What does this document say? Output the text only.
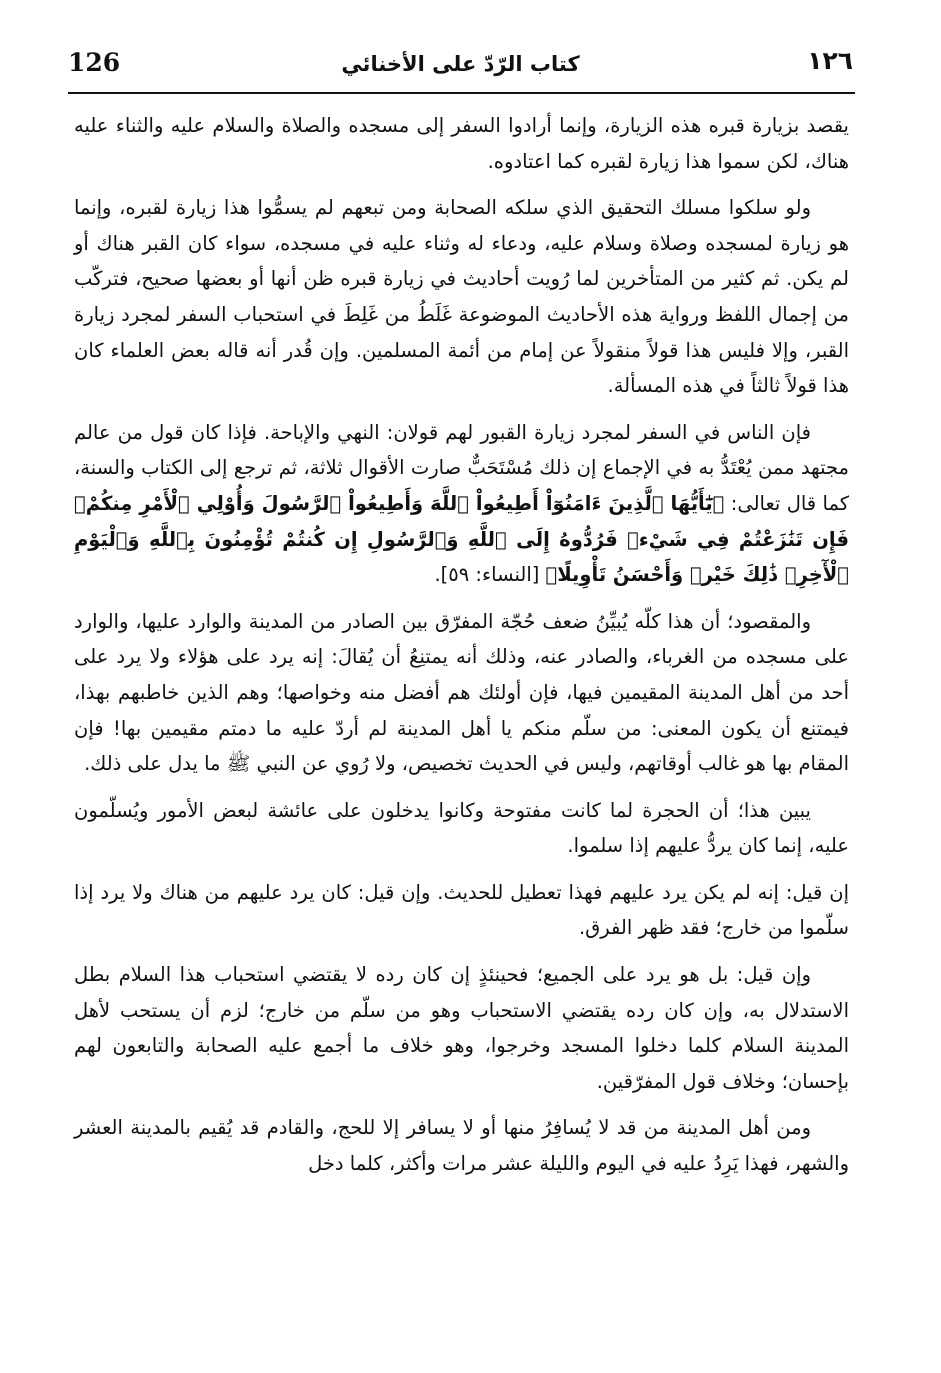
126	كتاب الرّدّ على الأخنائي	١٢٦

يقصد بزيارة قبره هذه الزيارة، وإنما أرادوا السفر إلى مسجده والصلاة والسلام عليه والثناء عليه هناك، لكن سموا هذا زيارة لقبره كما اعتادوه.

ولو سلكوا مسلك التحقيق الذي سلكه الصحابة ومن تبعهم لم يسمُّوا هذا زيارة لقبره، وإنما هو زيارة لمسجده وصلاة وسلام عليه، ودعاء له وثناء عليه في مسجده، سواء كان القبر هناك أو لم يكن. ثم كثير من المتأخرين لما رُويت أحاديث في زيارة قبره ظن أنها أو بعضها صحيح، فتركّب من إجمال اللفظ ورواية هذه الأحاديث الموضوعة غَلَطُ من غَلِطَ في استحباب السفر لمجرد زيارة القبر، وإلا فليس هذا قولاً منقولاً عن إمام من أئمة المسلمين. وإن قُدر أنه قاله بعض العلماء كان هذا قولاً ثالثاً في هذه المسألة.

فإن الناس في السفر لمجرد زيارة القبور لهم قولان: النهي والإباحة. فإذا كان قول من عالم مجتهد ممن يُعْتَدُّ به في الإجماع إن ذلك مُسْتَحَبٌّ صارت الأقوال ثلاثة، ثم ترجع إلى الكتاب والسنة، كما قال تعالى: ﴿يَٰٓأَيُّهَا ٱلَّذِينَ ءَامَنُوٓاْ أَطِيعُواْ ٱللَّهَ وَأَطِيعُواْ ٱلرَّسُولَ وَأُوْلِي ٱلْأَمْرِ مِنكُمْۖ فَإِن تَنَٰزَعْتُمْ فِي شَيْءٖ فَرُدُّوهُ إِلَى ٱللَّهِ وَٱلرَّسُولِ إِن كُنتُمْ تُؤْمِنُونَ بِٱللَّهِ وَٱلْيَوْمِ ٱلْأٓخِرِۚ ذَٰلِكَ خَيْرٞ وَأَحْسَنُ تَأْوِيلًا﴾ [النساء: ٥٩].

والمقصود؛ أن هذا كلّه يُبيِّنُ ضعف حُجّة المفرّق بين الصادر من المدينة والوارد عليها، والوارد على مسجده من الغرباء، والصادر عنه، وذلك أنه يمتنِعُ أن يُقالَ: إنه يرد على هؤلاء ولا يرد على أحد من أهل المدينة المقيمين فيها، فإن أولئك هم أفضل منه وخواصها؛ وهم الذين خاطبهم بهذا، فيمتنع أن يكون المعنى: من سلّم منكم يا أهل المدينة لم أردّ عليه ما دمتم مقيمين بها! فإن المقام بها هو غالب أوقاتهم، وليس في الحديث تخصيص، ولا رُوي عن النبي ﷺ ما يدل على ذلك.

يبين هذا؛ أن الحجرة لما كانت مفتوحة وكانوا يدخلون على عائشة لبعض الأمور ويُسلّمون عليه، إنما كان يردُّ عليهم إذا سلموا.

إن قيل: إنه لم يكن يرد عليهم فهذا تعطيل للحديث. وإن قيل: كان يرد عليهم من هناك ولا يرد إذا سلّموا من خارج؛ فقد ظهر الفرق.

وإن قيل: بل هو يرد على الجميع؛ فحينئذٍ إن كان رده لا يقتضي استحباب هذا السلام بطل الاستدلال به، وإن كان رده يقتضي الاستحباب وهو من سلّم من خارج؛ لزم أن يستحب لأهل المدينة السلام كلما دخلوا المسجد وخرجوا، وهو خلاف ما أجمع عليه الصحابة والتابعون لهم بإحسان؛ وخلاف قول المفرّقين.

ومن أهل المدينة من قد لا يُسافِرُ منها أو لا يسافر إلا للحج، والقادم قد يُقيم بالمدينة العشر والشهر، فهذا يَرِدُ عليه في اليوم والليلة عشر مرات وأكثر، كلما دخل
